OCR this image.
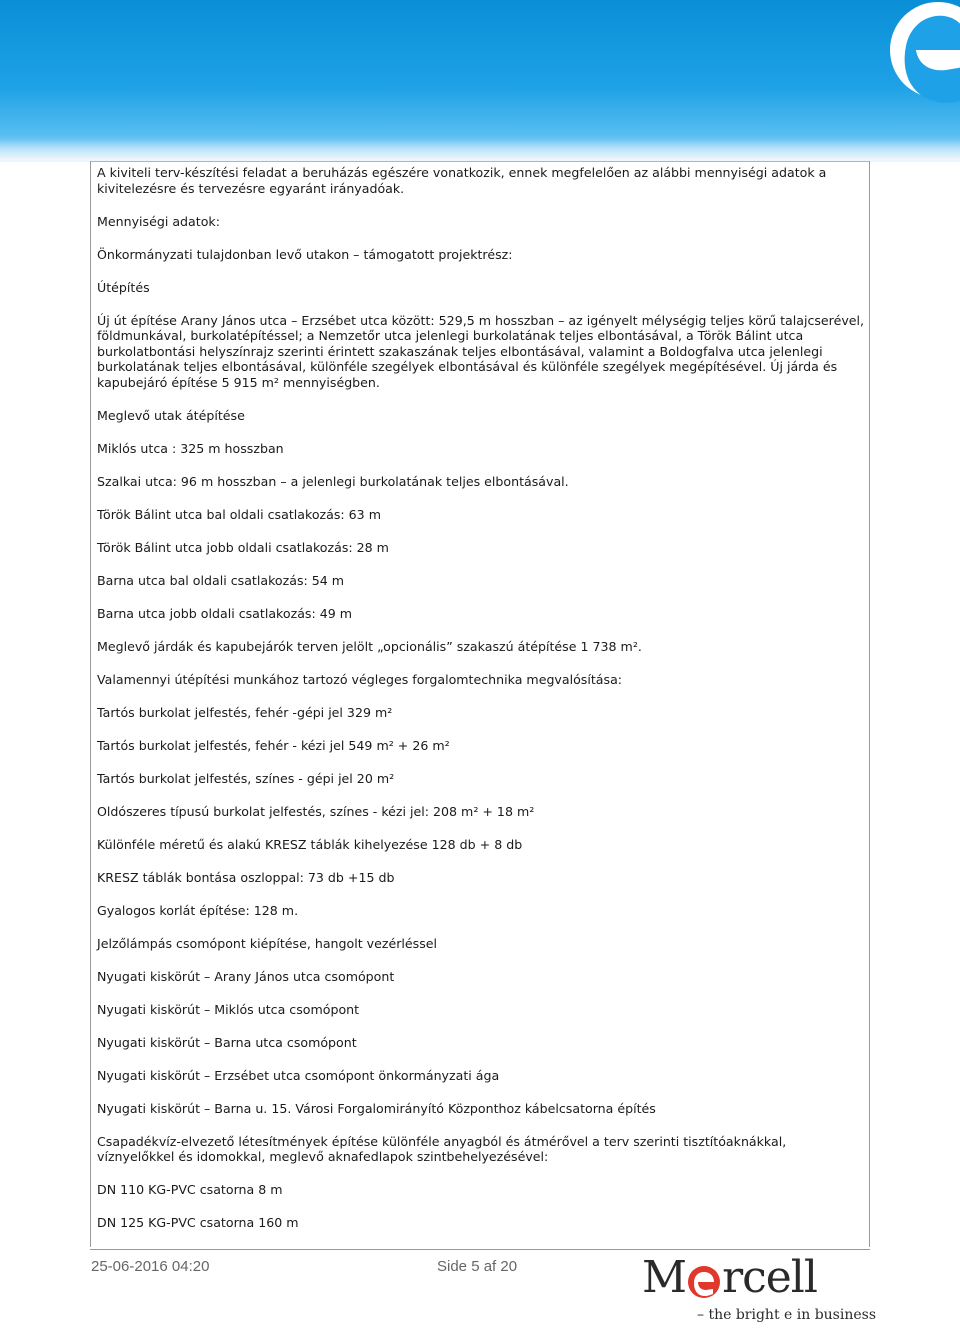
A kiviteli terv-készítési feladat a beruházás egészére vonatkozik, ennek megfelelően az alábbi mennyiségi adatok a kivitelezésre és tervezésre egyaránt irányadóak.

Mennyiségi adatok:

Önkormányzati tulajdonban levő utakon – támogatott projektrész:

Útépítés

Új út építése Arany János utca – Erzsébet utca között: 529,5 m hosszban – az igényelt mélységig teljes körű talajcserével, földmunkával, burkolatépítéssel; a Nemzetőr utca jelenlegi burkolatának teljes elbontásával, a Török Bálint utca burkolatbontási helyszínrajz szerinti érintett szakaszának teljes elbontásával, valamint a Boldogfalva utca jelenlegi burkolatának teljes elbontásával, különféle szegélyek elbontásával és különféle szegélyek megépítésével. Új járda és kapubejáró építése 5 915 m² mennyiségben.

Meglevő utak átépítése

Miklós utca : 325 m hosszban

Szalkai utca: 96 m hosszban – a jelenlegi burkolatának teljes elbontásával.

Török Bálint utca bal oldali csatlakozás: 63 m

Török Bálint utca jobb oldali csatlakozás: 28 m

Barna utca bal oldali csatlakozás: 54 m

Barna utca jobb oldali csatlakozás: 49 m

Meglevő járdák és kapubejárók terven jelölt „opcionális” szakaszú átépítése 1 738 m².

Valamennyi útépítési munkához tartozó végleges forgalomtechnika megvalósítása:

Tartós burkolat jelfestés, fehér -gépi jel 329 m²

Tartós burkolat jelfestés, fehér - kézi jel 549 m² + 26 m²

Tartós burkolat jelfestés, színes - gépi jel 20 m²

Oldószeres típusú burkolat jelfestés, színes - kézi jel: 208 m² + 18 m²

Különféle méretű és alakú KRESZ táblák kihelyezése 128 db + 8 db

KRESZ táblák bontása oszloppal: 73 db +15 db

Gyalogos korlát építése: 128 m.

Jelzőlámpás csomópont kiépítése, hangolt vezérléssel

Nyugati kiskörút – Arany János utca csomópont

Nyugati kiskörút – Miklós utca csomópont

Nyugati kiskörút – Barna utca csomópont

Nyugati kiskörút – Erzsébet utca csomópont önkormányzati ága

Nyugati kiskörút – Barna u. 15. Városi Forgalomirányító Központhoz kábelcsatorna építés

Csapadékvíz-elvezető létesítmények építése különféle anyagból és átmérővel a terv szerinti tisztítóaknákkal, víznyelőkkel és idomokkal, meglevő aknafedlapok szintbehelyezésével:

DN 110 KG-PVC csatorna 8 m

DN 125 KG-PVC csatorna 160 m

25-06-2016 04:20	Side 5 af 20	M rcell
– the bright e in business
